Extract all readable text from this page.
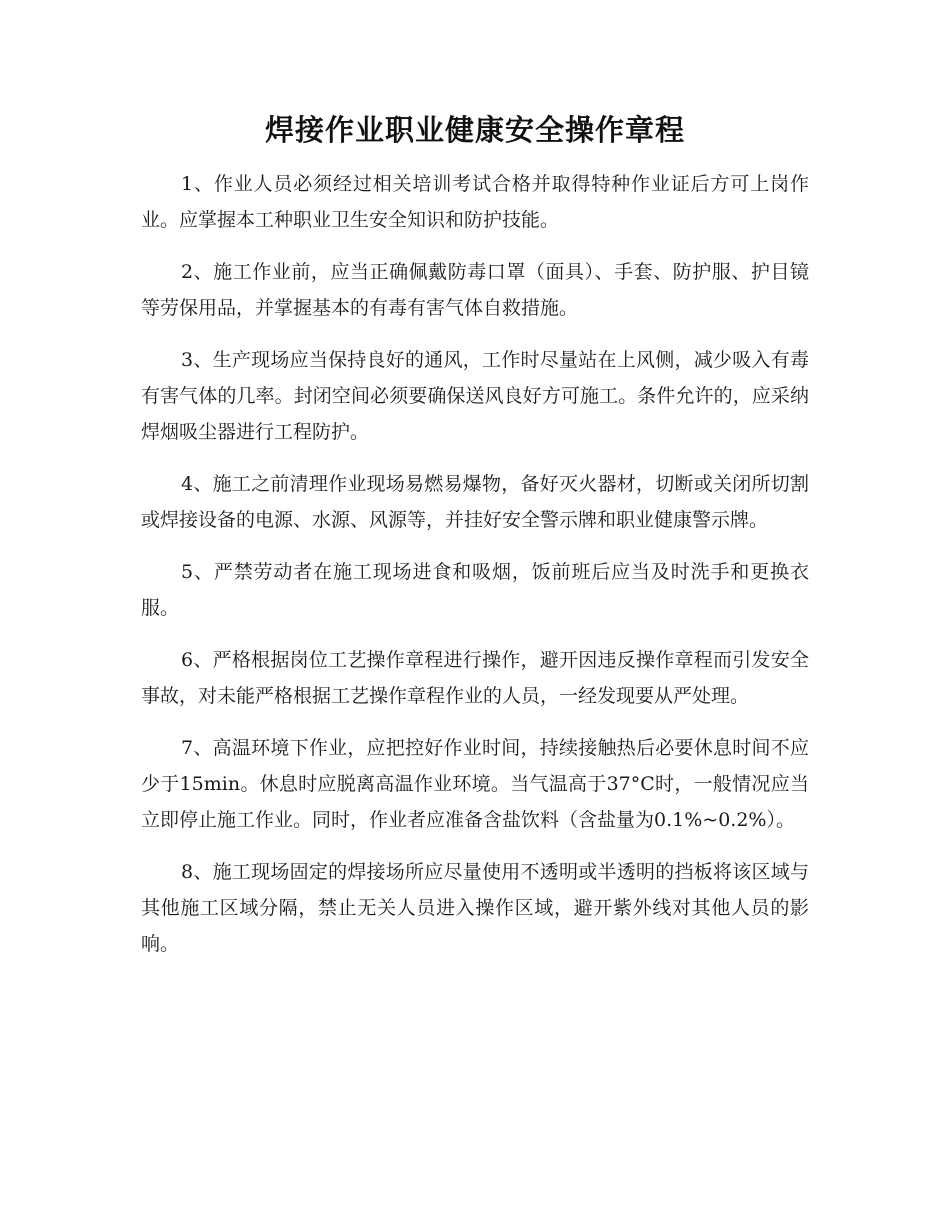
焊接作业职业健康安全操作章程

1、作业人员必须经过相关培训考试合格并取得特种作业证后方可上岗作业。应掌握本工种职业卫生安全知识和防护技能。

2、施工作业前，应当正确佩戴防毒口罩（面具）、手套、防护服、护目镜等劳保用品，并掌握基本的有毒有害气体自救措施。

3、生产现场应当保持良好的通风，工作时尽量站在上风侧，减少吸入有毒有害气体的几率。封闭空间必须要确保送风良好方可施工。条件允许的，应采纳焊烟吸尘器进行工程防护。

4、施工之前清理作业现场易燃易爆物，备好灭火器材，切断或关闭所切割或焊接设备的电源、水源、风源等，并挂好安全警示牌和职业健康警示牌。

5、严禁劳动者在施工现场进食和吸烟，饭前班后应当及时洗手和更换衣服。

6、严格根据岗位工艺操作章程进行操作，避开因违反操作章程而引发安全事故，对未能严格根据工艺操作章程作业的人员，一经发现要从严处理。

7、高温环境下作业，应把控好作业时间，持续接触热后必要休息时间不应少于15min。休息时应脱离高温作业环境。当气温高于37°C时，一般情况应当立即停止施工作业。同时，作业者应准备含盐饮料（含盐量为0.1%~0.2%）。

8、施工现场固定的焊接场所应尽量使用不透明或半透明的挡板将该区域与其他施工区域分隔，禁止无关人员进入操作区域，避开紫外线对其他人员的影响。
